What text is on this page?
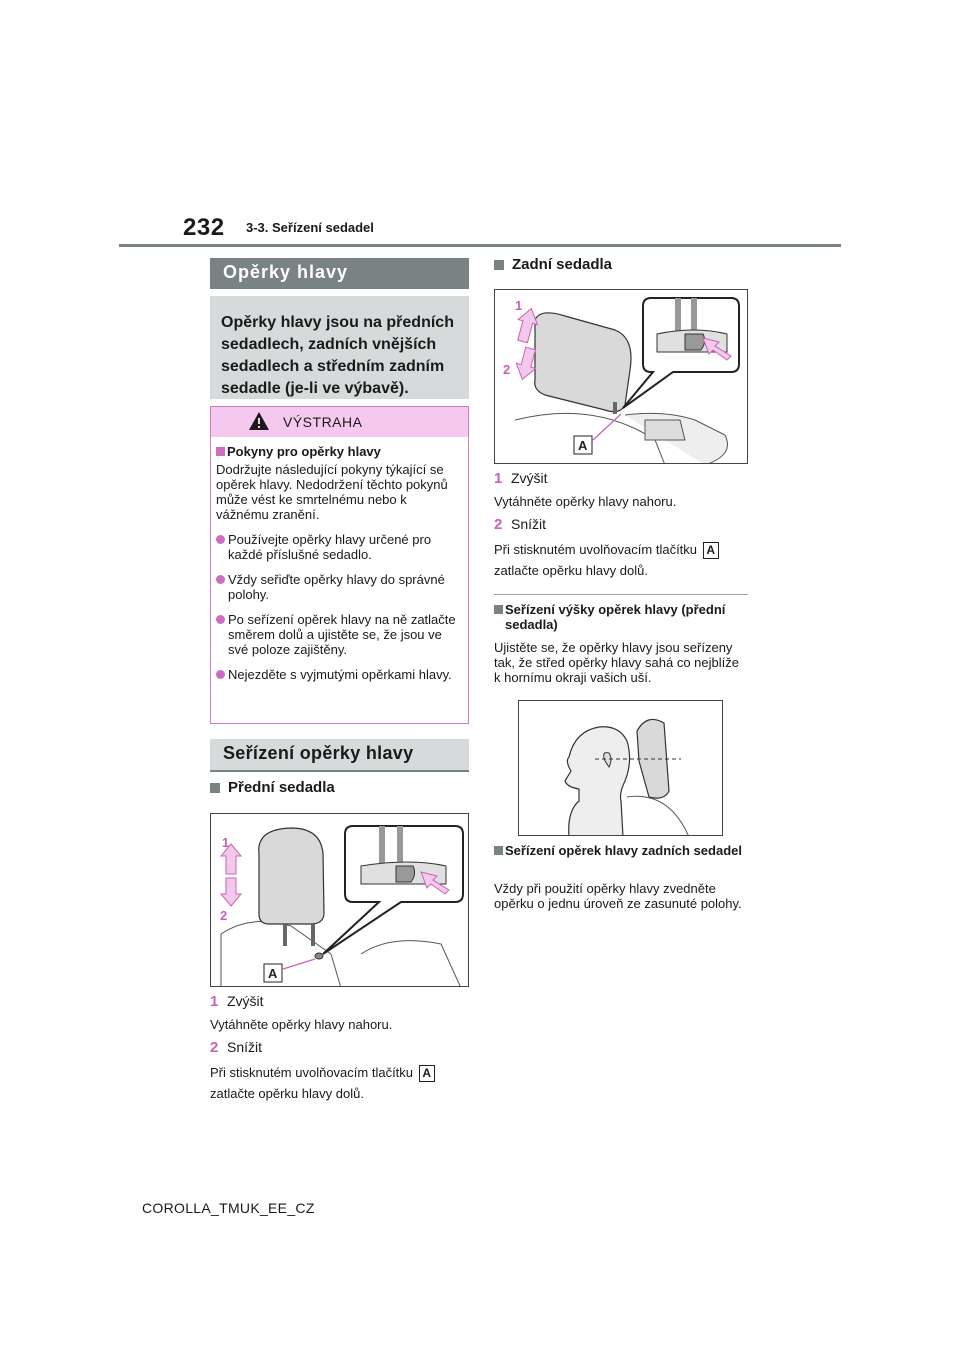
232 3-3. Seřízení sedadel
Opěrky hlavy
Opěrky hlavy jsou na předních sedadlech, zadních vnějších sedadlech a středním zadním sedadle (je-li ve výbavě).
VÝSTRAHA
Pokyny pro opěrky hlavy
Dodržujte následující pokyny týkající se opěrek hlavy. Nedodržení těchto pokynů může vést ke smrtelnému nebo k vážnému zranění.
Používejte opěrky hlavy určené pro každé příslušné sedadlo.
Vždy seřiďte opěrky hlavy do správné polohy.
Po seřízení opěrek hlavy na ně zatlačte směrem dolů a ujistěte se, že jsou ve své poloze zajištěny.
Nejezděte s vyjmutými opěrkami hlavy.
Seřízení opěrky hlavy
Přední sedadla
1
2
A
1 Zvýšit
Vytáhněte opěrky hlavy nahoru.
2 Snížit
Při stisknutém uvolňovacím tlačítku A
zatlačte opěrku hlavy dolů.
Zadní sedadla
1
2
A
1 Zvýšit
Vytáhněte opěrky hlavy nahoru.
2 Snížit
Při stisknutém uvolňovacím tlačítku A
zatlačte opěrku hlavy dolů.
Seřízení výšky opěrek hlavy (přední sedadla)
Ujistěte se, že opěrky hlavy jsou seřízeny tak, že střed opěrky hlavy sahá co nejblíže k hornímu okraji vašich uší.
Seřízení opěrek hlavy zadních sedadel
Vždy při použití opěrky hlavy zvedněte opěrku o jednu úroveň ze zasunuté polohy.
COROLLA_TMUK_EE_CZ
